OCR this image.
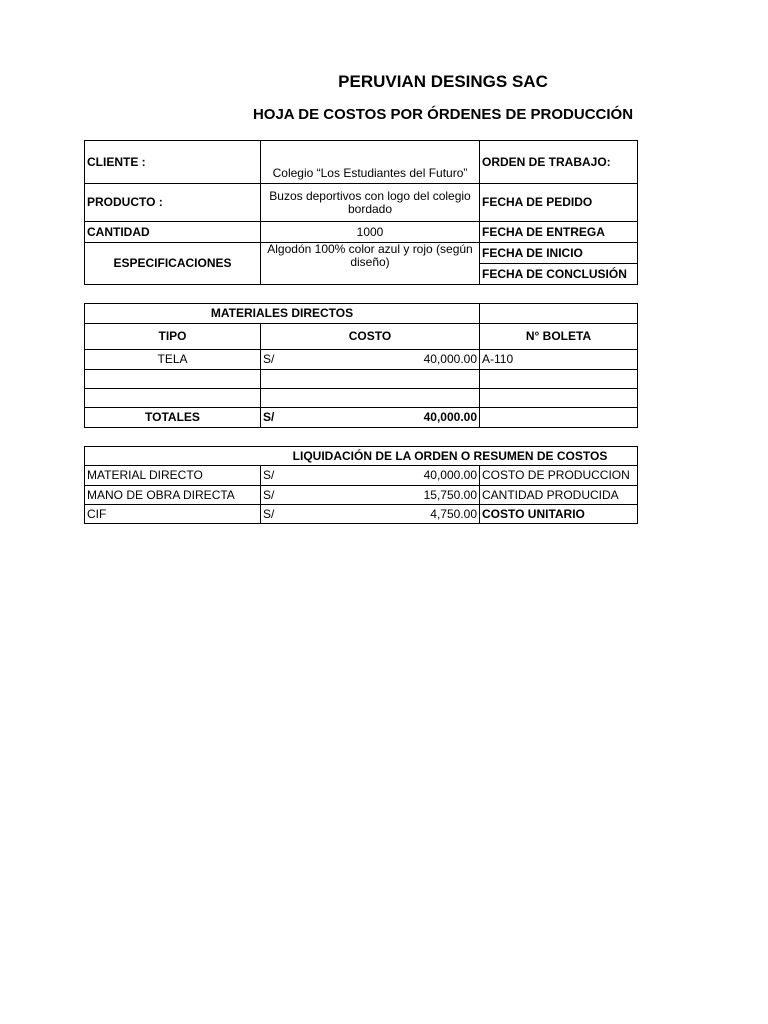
PERUVIAN DESINGS SAC
HOJA DE COSTOS POR ÓRDENES DE PRODUCCIÓN
CLIENTE :	Colegio “Los Estudiantes del Futuro”	ORDEN DE TRABAJO:
PRODUCTO :	Buzos deportivos con logo del colegio bordado	FECHA DE PEDIDO
CANTIDAD	1000	FECHA DE ENTREGA
ESPECIFICACIONES	Algodón 100% color azul y rojo (según diseño)	FECHA DE INICIO
		FECHA DE CONCLUSIÓN
MATERIALES DIRECTOS			
TIPO	COSTO		N° BOLETA
TELA	S/	40,000.00	A-110

TOTALES	S/	40,000.00	
LIQUIDACIÓN DE LA ORDEN O RESUMEN DE COSTOS			
MATERIAL DIRECTO	S/	40,000.00	COSTO DE PRODUCCION
MANO DE OBRA DIRECTA	S/	15,750.00	CANTIDAD PRODUCIDA
CIF	S/	4,750.00	COSTO UNITARIO
